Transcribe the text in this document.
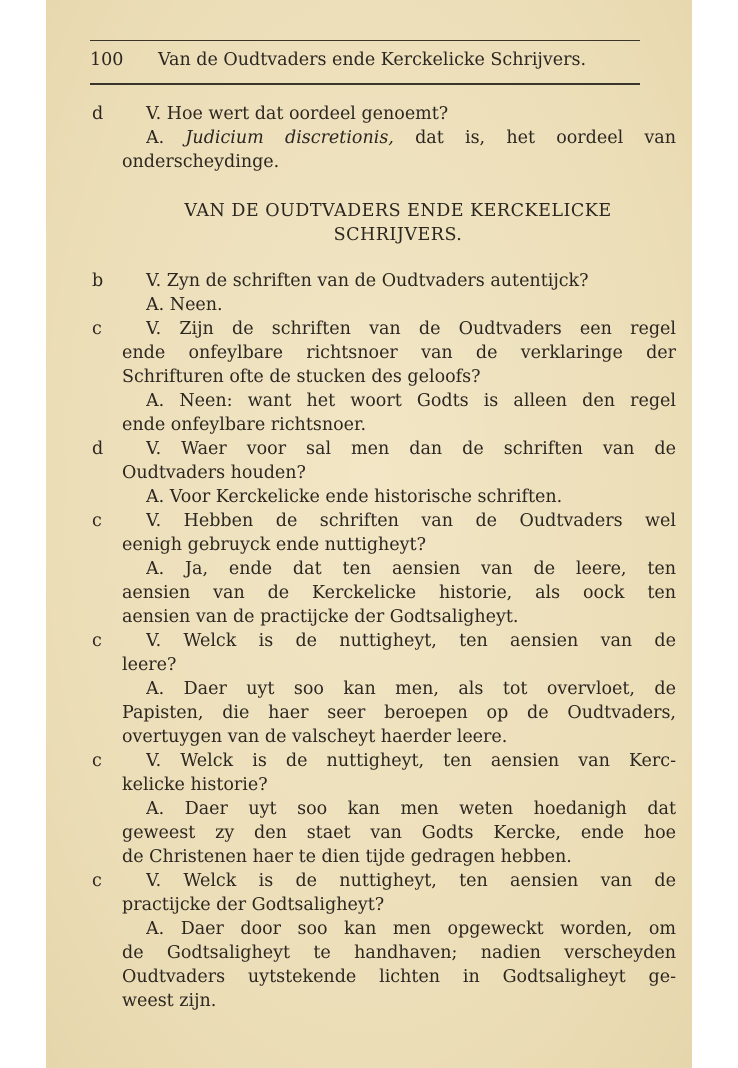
100 Van de Oudtvaders ende Kerckelicke Schrijvers.
d V. Hoe wert dat oordeel genoemt?
A. Judicium discretionis, dat is, het oordeel van
onderscheydinge.
VAN DE OUDTVADERS ENDE KERCKELICKE
SCHRIJVERS.
b V. Zyn de schriften van de Oudtvaders autentijck?
A. Neen.
c	V. Zijn de schriften van de Oudtvaders een regel
ende onfeylbare richtsnoer van de verklaringe der
Schrifturen ofte de stucken des geloofs?
A. Neen: want het woort Godts is alleen den regel
ende onfeylbare richtsnoer.
d V. Waer voor sal men dan de schriften van de
Oudtvaders houden?
A. Voor Kerckelicke ende historische schriften.
c	V. Hebben de schriften van de Oudtvaders wel
eenigh gebruyck ende nuttigheyt?
A. Ja, ende dat ten aensien van de leere, ten
aensien van de Kerckelicke historie, als oock ten
aensien van de practijcke der Godtsaligheyt.
c	V. Welck is de nuttigheyt, ten aensien van de
leere?
A. Daer uyt soo kan men, als tot overvloet, de
Papisten, die haer seer beroepen op de Oudtvaders,
overtuygen van de valscheyt haerder leere.
c	V. Welck is de nuttigheyt, ten aensien van Kerc-
kelicke historie?
A. Daer uyt soo kan men weten hoedanigh dat
geweest zy den staet van Godts Kercke, ende hoe
de Christenen haer te dien tijde gedragen hebben.
c	V. Welck is de nuttigheyt, ten aensien van de
practijcke der Godtsaligheyt?
A. Daer door soo kan men opgeweckt worden, om
de Godtsaligheyt te handhaven; nadien verscheyden
Oudtvaders uytstekende lichten in Godtsaligheyt ge-
weest zijn.
